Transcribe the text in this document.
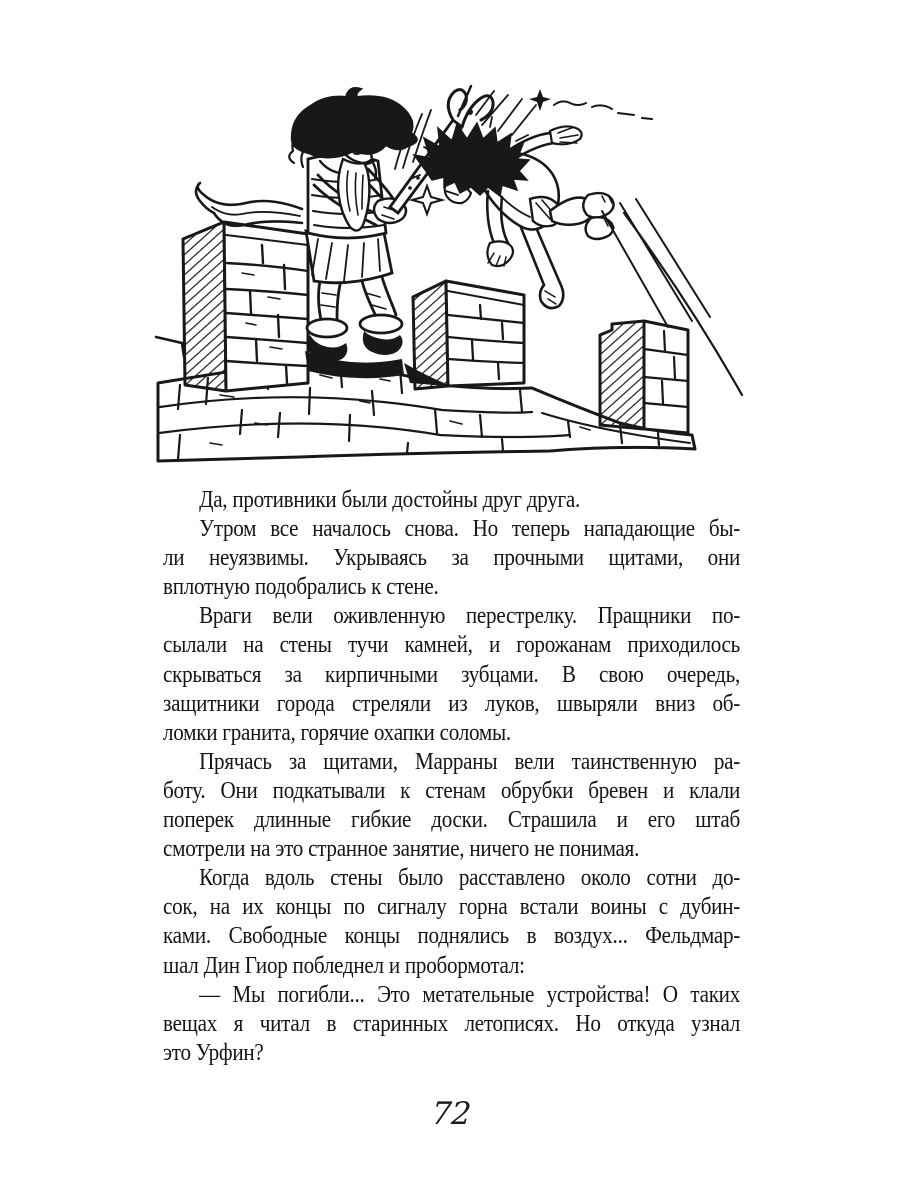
Да, противники были достойны друг друга.

Утром все началось снова. Но теперь нападающие бы-
ли неуязвимы. Укрываясь за прочными щитами, они
вплотную подобрались к стене.

Враги вели оживленную перестрелку. Пращники по-
сылали на стены тучи камней, и горожанам приходилось
скрываться за кирпичными зубцами. В свою очередь,
защитники города стреляли из луков, швыряли вниз об-
ломки гранита, горячие охапки соломы.

Прячась за щитами, Марраны вели таинственную ра-
боту. Они подкатывали к стенам обрубки бревен и клали
поперек длинные гибкие доски. Страшила и его штаб
смотрели на это странное занятие, ничего не понимая.

Когда вдоль стены было расставлено около сотни до-
сок, на их концы по сигналу горна встали воины с дубин-
ками. Свободные концы поднялись в воздух... Фельдмар-
шал Дин Гиор побледнел и пробормотал:

— Мы погибли... Это метательные устройства! О таких
вещах я читал в старинных летописях. Но откуда узнал
это Урфин?

72
